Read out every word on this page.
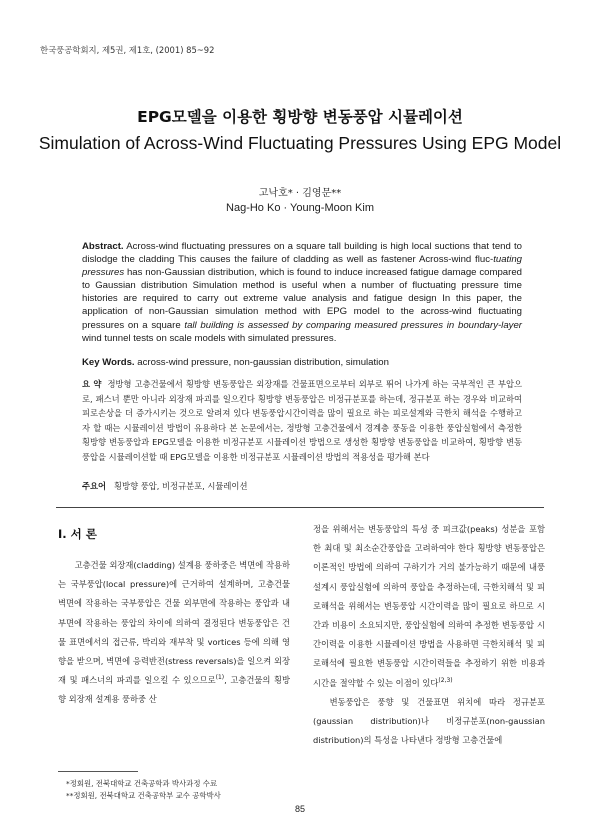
한국풍공학회지, 제5권, 제1호, (2001) 85~92
EPG모델을 이용한 횡방향 변동풍압 시뮬레이션
Simulation of Across-Wind Fluctuating Pressures Using EPG Model
고낙호* · 김영문**
Nag-Ho Ko · Young-Moon Kim
Abstract. Across-wind fluctuating pressures on a square tall building is high local suctions that tend to dislodge the cladding This causes the failure of cladding as well as fastener Across-wind fluc-tuating pressures has non-Gaussian distribution, which is found to induce increased fatigue damage compared to Gaussian distribution Simulation method is useful when a number of fluctuating pressure time histories are required to carry out extreme value analysis and fatigue design In this paper, the application of non-Gaussian simulation method with EPG model to the across-wind fluctuating pressures on a square tall building is assessed by comparing measured pressures in boundary-layer wind tunnel tests on scale models with simulated pressures.
Key Words. across-wind pressure, non-gaussian distribution, simulation
요 약 정방형 고층건물에서 횡방향 변동풍압은 외장재를 건물표면으로부터 외부로 뛰어 나가게 하는 국부적인 큰 부압으로, 패스너 뿐만 아니라 외장재 파괴를 일으킨다 횡방향 변동풍압은 비정규분포를 하는데, 정규분포 하는 경우와 비교하여 피로손상을 더 증가시키는 것으로 알려져 있다 변동풍압시간이력을 많이 필요로 하는 피로설계와 극한치 해석을 수행하고자 할 때는 시뮬레이션 방법이 유용하다 본 논문에서는, 정방형 고층건물에서 경계층 풍동을 이용한 풍압실험에서 측정한 횡방향 변동풍압과 EPG모델을 이용한 비정규분포 시뮬레이션 방법으로 생성한 횡방향 변동풍압을 비교하여, 횡방향 변동풍압을 시뮬레이션할 때 EPG모델을 이용한 비정규분포 시뮬레이션 방법의 적용성을 평가해 본다
주요어 횡방향 풍압, 비정규분포, 시뮬레이션
I. 서 론

고층건물 외장재(cladding) 설계용 풍하중은 벽면에 작용하는 국부풍압(local pressure)에 근거하여 설계하며, 고층건물 벽면에 작용하는 국부풍압은 건물 외부면에 작용하는 풍압과 내부면에 작용하는 풍압의 차이에 의하여 결정된다 변동풍압은 건물 표면에서의 접근류, 박리와 재부착 및 vortices 등에 의해 영향을 받으며, 벽면에 응력반전(stress reversals)을 일으켜 외장재 및 패스너의 파괴를 일으킬 수 있으므로$^{(1)}$, 고층건물의 횡방향 외장재 설계용 풍하중 산

정을 위해서는 변동풍압의 특성 중 피크값(peaks) 성분을 포함한 최대 및 최소순간풍압을 고려하여야 한다 횡방향 변동풍압은 이론적인 방법에 의하여 구하기가 거의 불가능하기 때문에 내풍설계시 풍압실험에 의하여 풍압을 추정하는데, 극한치해석 및 피로해석을 위해서는 변동풍압 시간이력을 많이 필요로 하므로 시간과 비용이 소요되지만, 풍압실험에 의하여 추정한 변동풍압 시간이력을 이용한 시뮬레이션 방법을 사용하면 극한치해석 및 피로해석에 필요한 변동풍압 시간이력들을 추정하기 위한 비용과 시간을 절약할 수 있는 이점이 있다$^{(2,3)}$

변동풍압은 풍향 및 건물표면 위치에 따라 정규분포(gaussian distribution)나 비정규분포(non-gaussian distribution)의 특성을 나타낸다 정방형 고층건물에

*정회원, 전북대학교 건축공학과 박사과정 수료
**정회원, 전북대학교 건축공학부 교수 공학박사
85
